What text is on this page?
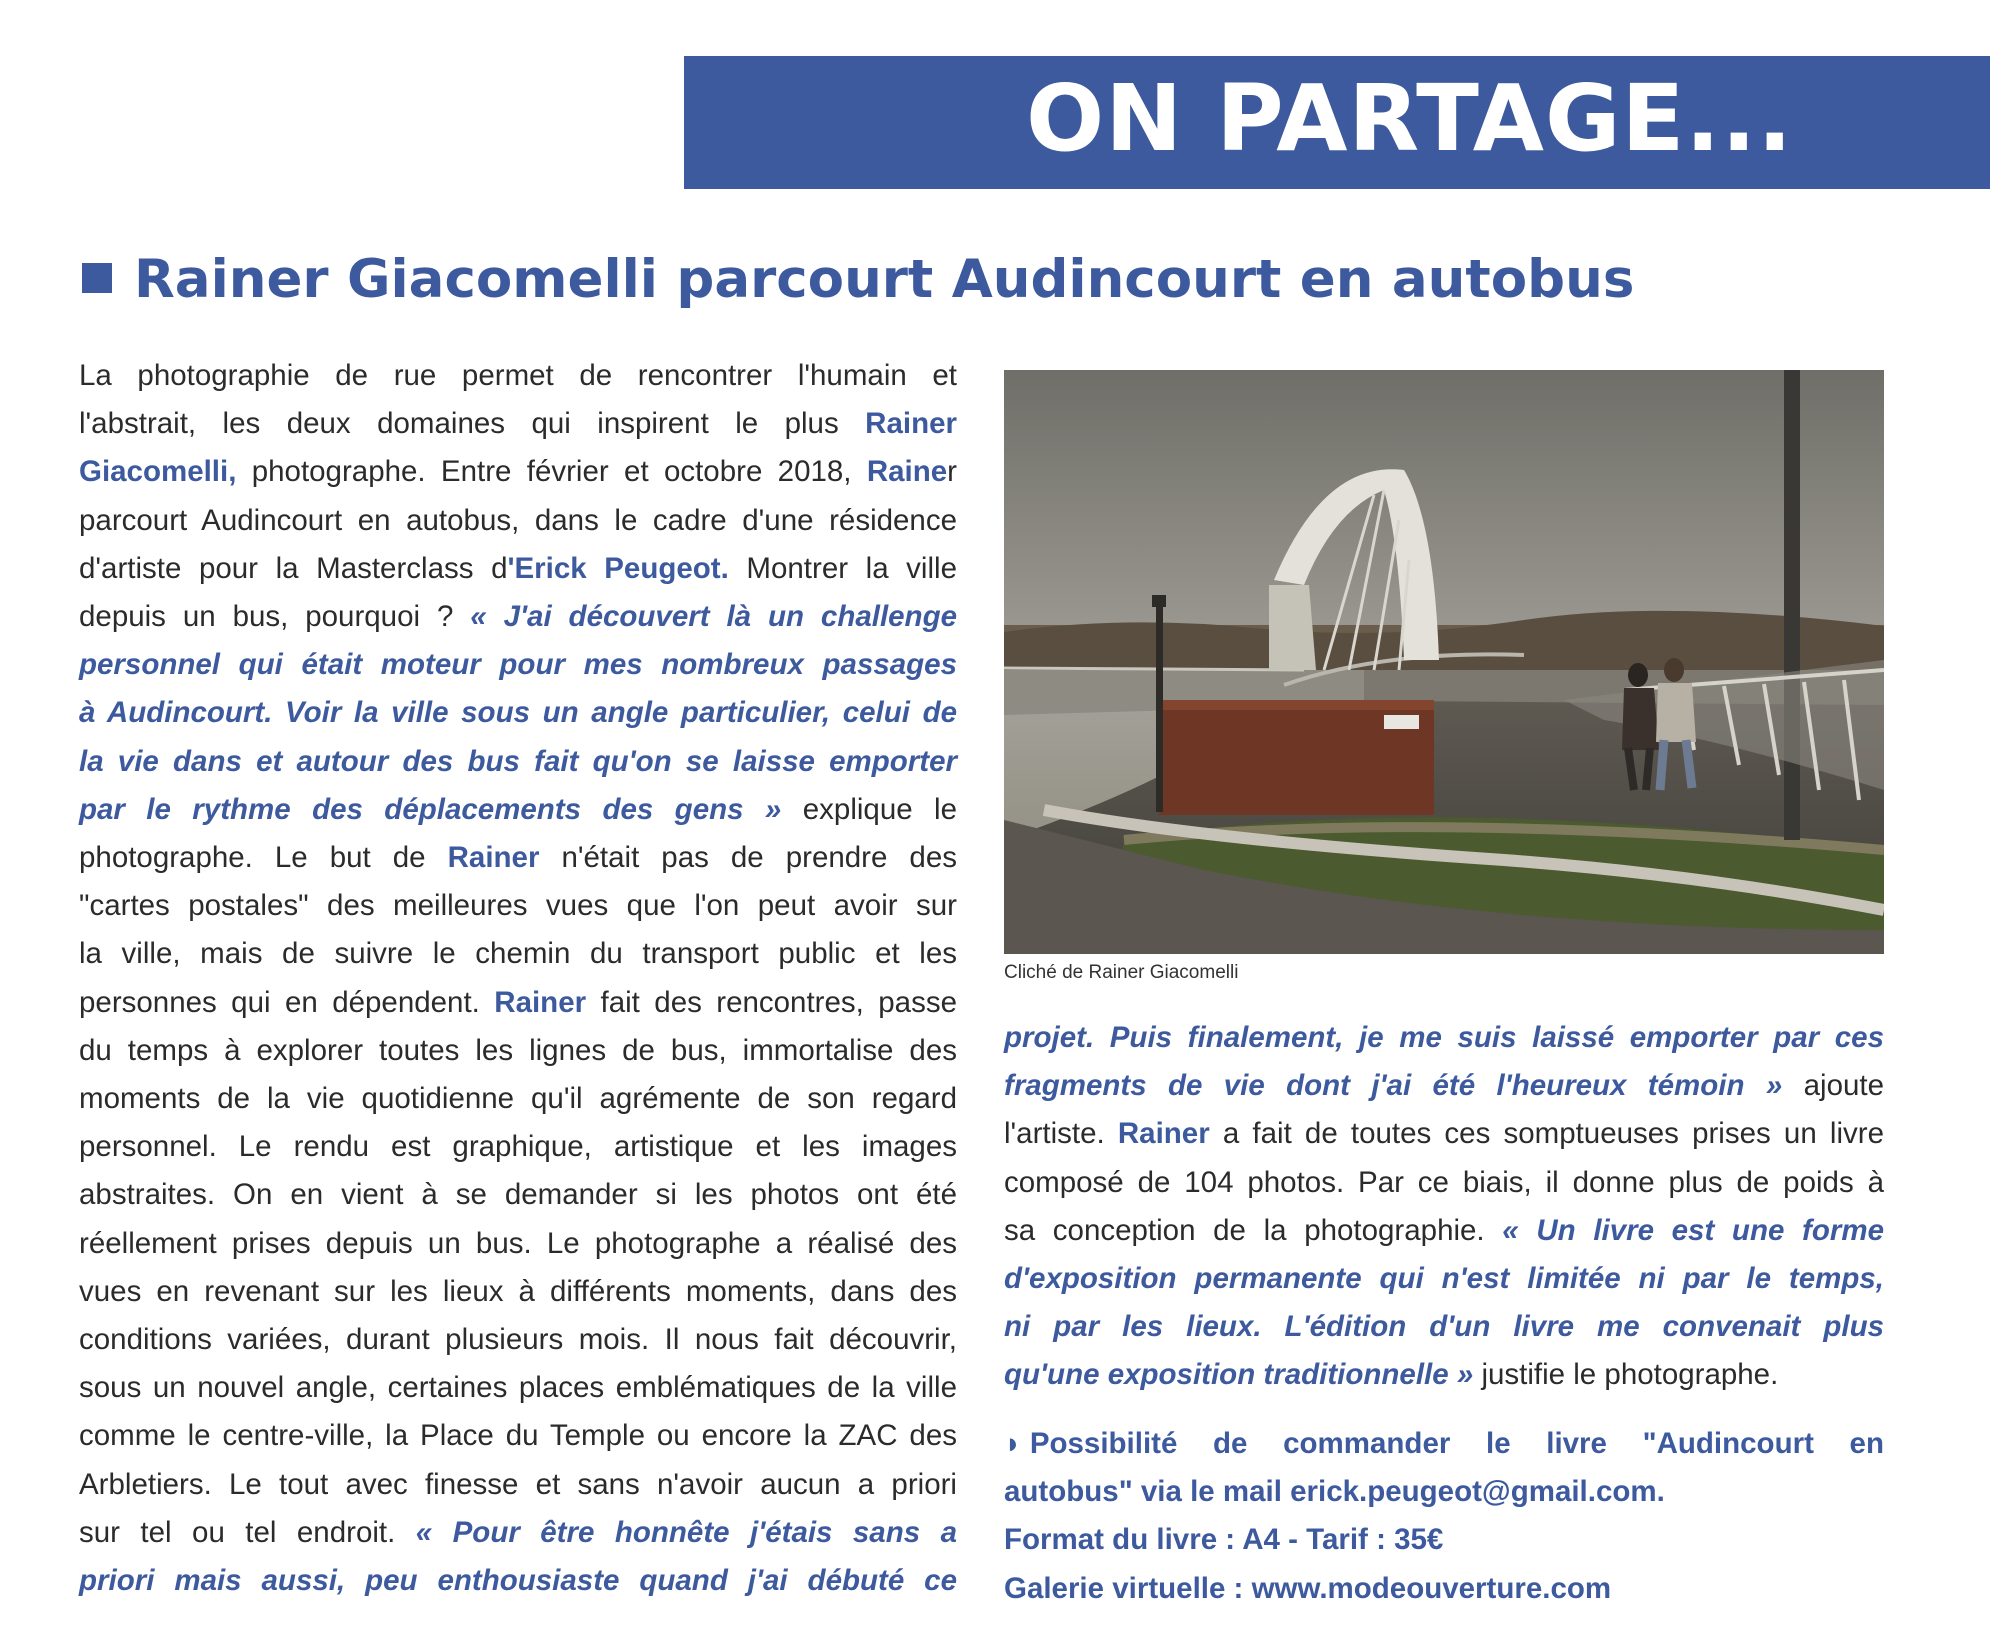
ON PARTAGE...
Rainer Giacomelli parcourt Audincourt en autobus
La photographie de rue permet de rencontrer l'humain et
l'abstrait, les deux domaines qui inspirent le plus Rainer
Giacomelli, photographe. Entre février et octobre 2018, Rainer
parcourt Audincourt en autobus, dans le cadre d'une résidence
d'artiste pour la Masterclass d'Erick Peugeot. Montrer la ville
depuis un bus, pourquoi ? « J'ai découvert là un challenge
personnel qui était moteur pour mes nombreux passages
à Audincourt. Voir la ville sous un angle particulier, celui de
la vie dans et autour des bus fait qu'on se laisse emporter
par le rythme des déplacements des gens » explique le
photographe. Le but de Rainer n'était pas de prendre des
"cartes postales" des meilleures vues que l'on peut avoir sur
la ville, mais de suivre le chemin du transport public et les
personnes qui en dépendent. Rainer fait des rencontres, passe
du temps à explorer toutes les lignes de bus, immortalise des
moments de la vie quotidienne qu'il agrémente de son regard
personnel. Le rendu est graphique, artistique et les images
abstraites. On en vient à se demander si les photos ont été
réellement prises depuis un bus. Le photographe a réalisé des
vues en revenant sur les lieux à différents moments, dans des
conditions variées, durant plusieurs mois. Il nous fait découvrir,
sous un nouvel angle, certaines places emblématiques de la ville
comme le centre-ville, la Place du Temple ou encore la ZAC des
Arbletiers. Le tout avec finesse et sans n'avoir aucun a priori
sur tel ou tel endroit. « Pour être honnête j'étais sans a
priori mais aussi, peu enthousiaste quand j'ai débuté ce
Cliché de Rainer Giacomelli
projet. Puis finalement, je me suis laissé emporter par ces
fragments de vie dont j'ai été l'heureux témoin » ajoute
l'artiste. Rainer a fait de toutes ces somptueuses prises un livre
composé de 104 photos. Par ce biais, il donne plus de poids à
sa conception de la photographie. « Un livre est une forme
d'exposition permanente qui n'est limitée ni par le temps,
ni par les lieux. L'édition d'un livre me convenait plus
qu'une exposition traditionnelle » justifie le photographe.
◗ Possibilité de commander le livre "Audincourt en
autobus" via le mail erick.peugeot@gmail.com.
Format du livre : A4 - Tarif : 35€
Galerie virtuelle : www.modeouverture.com
